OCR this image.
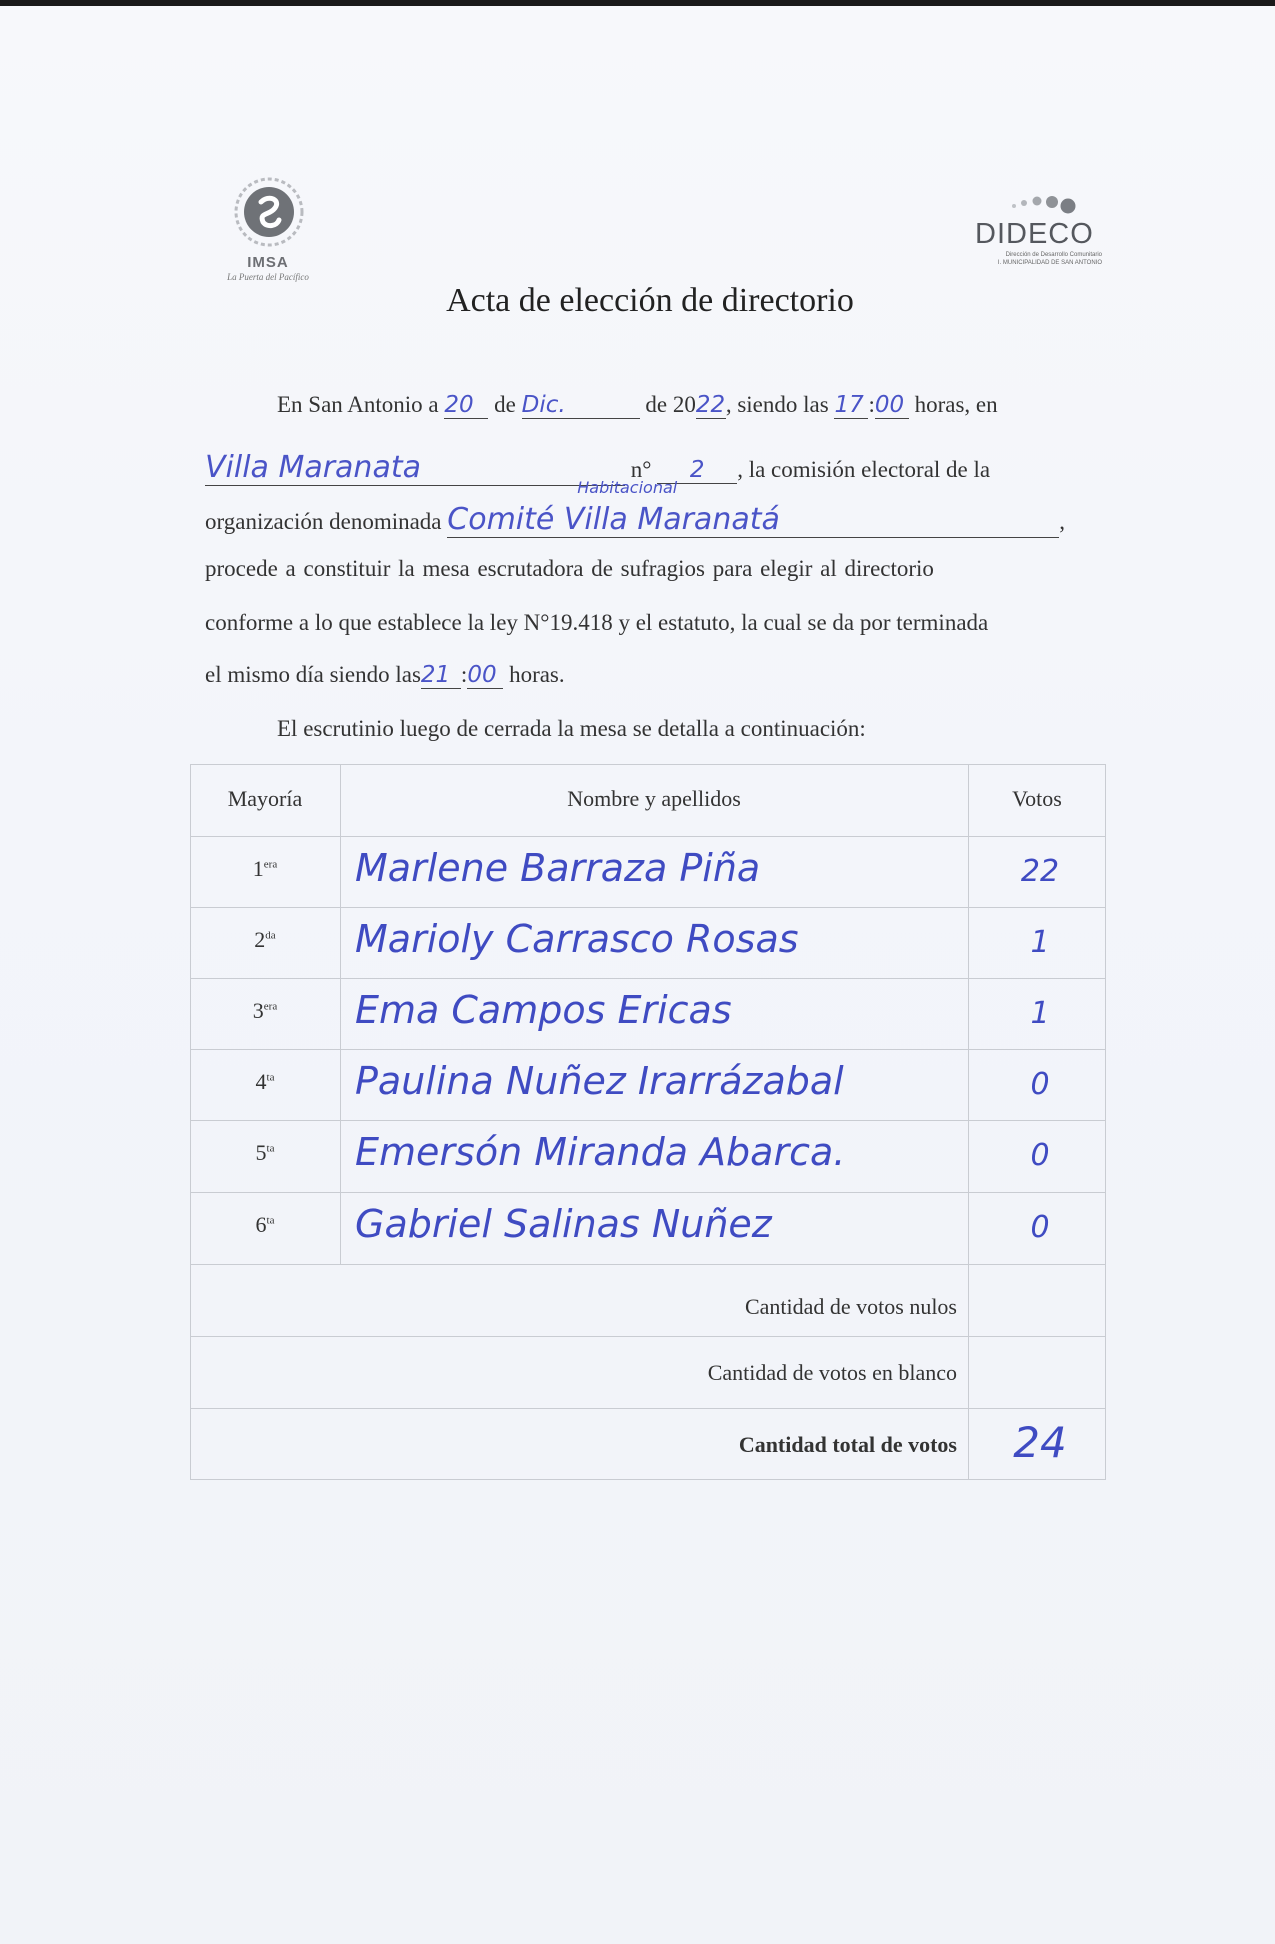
IMSA
La Puerta del Pacífico
DIDECO
Dirección de Desarrollo Comunitario
I. MUNICIPALIDAD DE SAN ANTONIO
Acta de elección de directorio
En San Antonio a 20 de Dic.	de 2022, siendo las 17 :00 horas, en
Villa Maranata	n° 2 , la comisión electoral de la
organización denominada
Habitacional
Comité Villa Maranatá	,
procede a constituir la mesa escrutadora de sufragios para elegir al directorio
conforme a lo que establece la ley N°19.418 y el estatuto, la cual se da por terminada
el mismo día siendo las21 :00 horas.
El escrutinio luego de cerrada la mesa se detalla a continuación:
Mayoría	Nombre y apellidos	Votos
$1^{era}$	Marlene Barraza Piña	22
$2^{da}$	Marioly Carrasco Rosas	1
$3^{era}$	Ema Campos Ericas	1
$4^{ta}$	Paulina Nuñez Irarrázabal	0
$5^{ta}$	Emersón Miranda Abarca.	0
$6^{ta}$	Gabriel Salinas Nuñez	0
Cantidad de votos nulos
Cantidad de votos en blanco
Cantidad total de votos	24
